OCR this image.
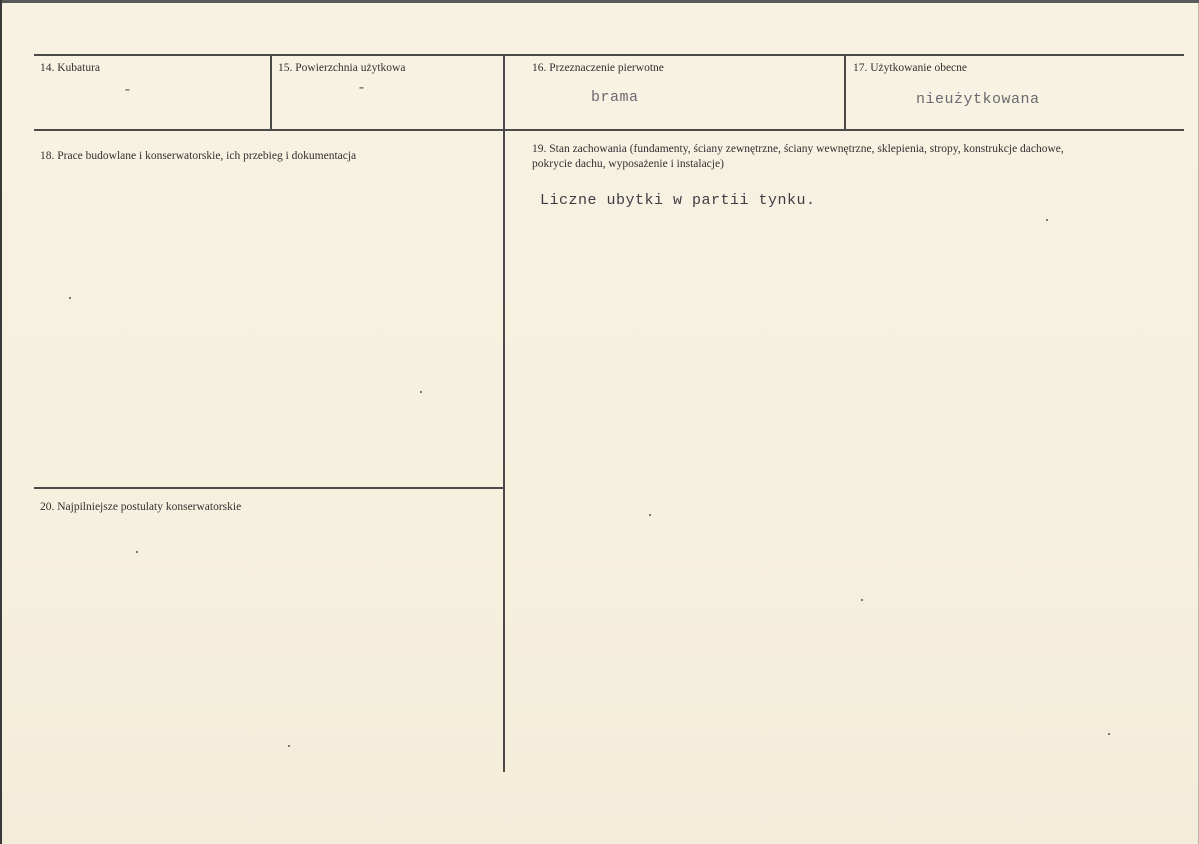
14. Kubatura
-
15. Powierzchnia użytkowa
-
16. Przeznaczenie pierwotne
brama
17. Użytkowanie obecne
nieużytkowana
18. Prace budowlane i konserwatorskie, ich przebieg i dokumentacja
19. Stan zachowania (fundamenty, ściany zewnętrzne, ściany wewnętrzne, sklepienia, stropy, konstrukcje dachowe, pokrycie dachu, wyposażenie i instalacje)
Liczne ubytki w partii tynku.
20. Najpilniejsze postulaty konserwatorskie
